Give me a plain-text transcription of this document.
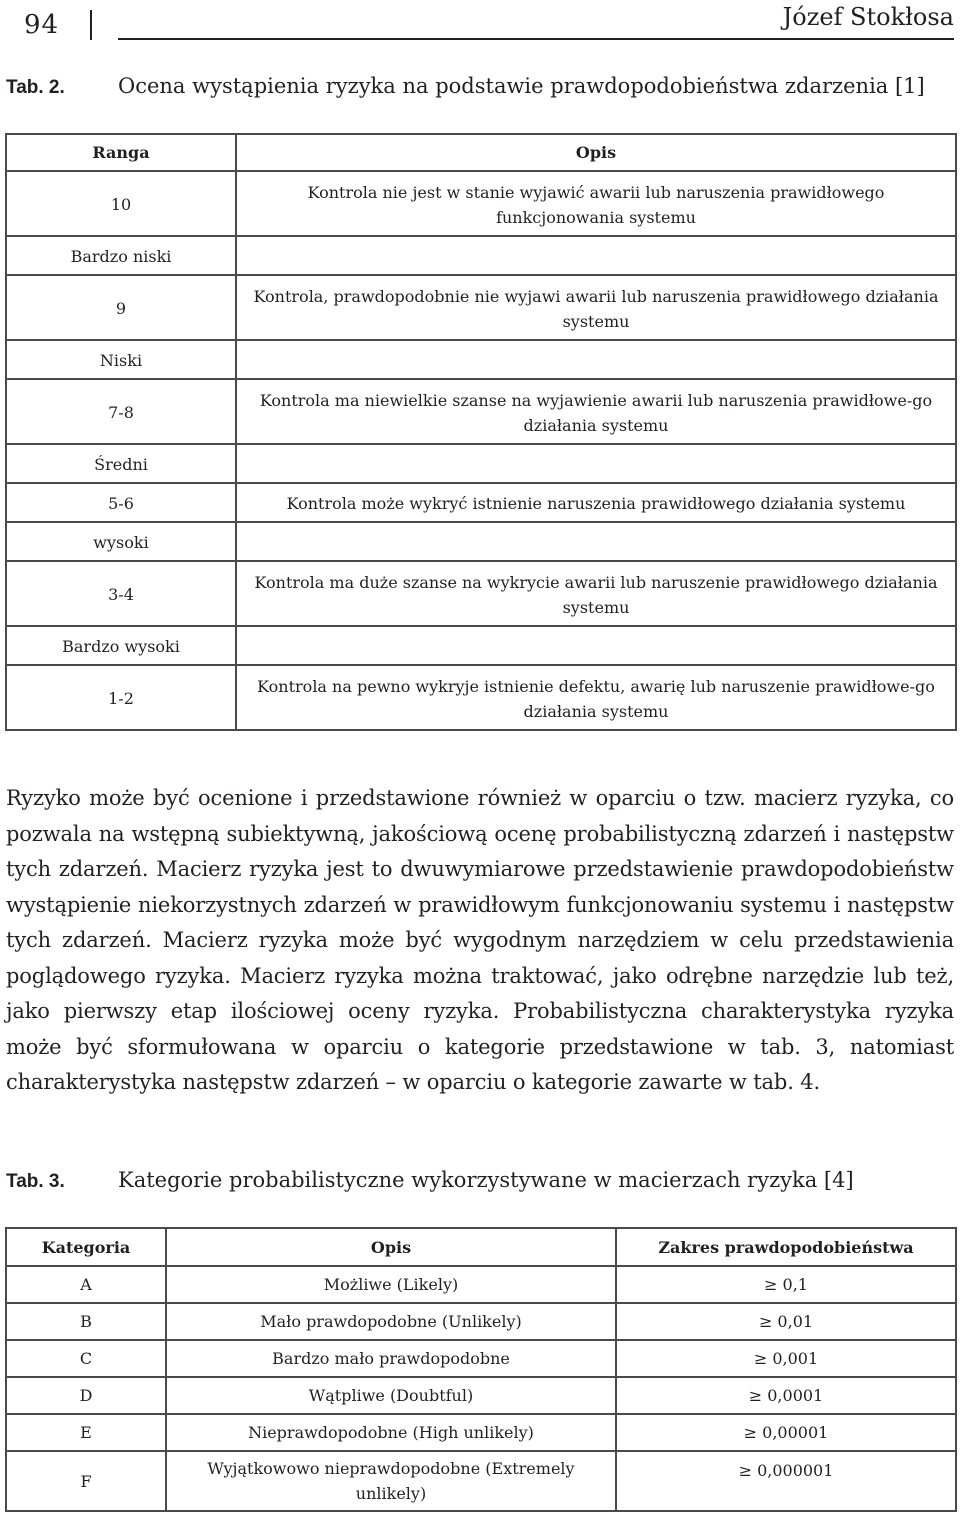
94	Józef Stokłosa
Tab. 2.	Ocena wystąpienia ryzyka na podstawie prawdopodobieństwa zdarzenia [1]
Ranga	Opis
10	Kontrola nie jest w stanie wyjawić awarii lub naruszenia prawidłowego funkcjonowania systemu
Bardzo niski	
9	Kontrola, prawdopodobnie nie wyjawi awarii lub naruszenia prawidłowego działania systemu
Niski	
7-8	Kontrola ma niewielkie szanse na wyjawienie awarii lub naruszenia prawidłowe-go działania systemu
Średni	
5-6	Kontrola może wykryć istnienie naruszenia prawidłowego działania systemu
wysoki	
3-4	Kontrola ma duże szanse na wykrycie awarii lub naruszenie prawidłowego działania systemu
Bardzo wysoki	
1-2	Kontrola na pewno wykryje istnienie defektu, awarię lub naruszenie prawidłowe-go działania systemu

Ryzyko może być ocenione i przedstawione również w oparciu o tzw. macierz ryzyka, co pozwala na wstępną subiektywną, jakościową ocenę probabilistyczną zdarzeń i następstw tych zdarzeń. Macierz ryzyka jest to dwuwymiarowe przedstawienie prawdopodobieństw wystąpienie niekorzystnych zdarzeń w prawidłowym funkcjonowaniu systemu i następstw tych zdarzeń. Macierz ryzyka może być wygodnym narzędziem w celu przedstawienia poglądowego ryzyka. Macierz ryzyka można traktować, jako odrębne narzędzie lub też, jako pierwszy etap ilościowej oceny ryzyka. Probabilistyczna charakterystyka ryzyka może być sformułowana w oparciu o kategorie przedstawione w tab. 3, natomiast charakterystyka następstw zdarzeń – w oparciu o kategorie zawarte w tab. 4.

Tab. 3.	Kategorie probabilistyczne wykorzystywane w macierzach ryzyka [4]
Kategoria	Opis	Zakres prawdopodobieństwa
A	Możliwe (Likely)	≥ 0,1
B	Mało prawdopodobne (Unlikely)	≥ 0,01
C	Bardzo mało prawdopodobne	≥ 0,001
D	Wątpliwe (Doubtful)	≥ 0,0001
E	Nieprawdopodobne (High unlikely)	≥ 0,00001
F	Wyjątkowowo nieprawdopodobne (Extremely unlikely)	≥ 0,000001
